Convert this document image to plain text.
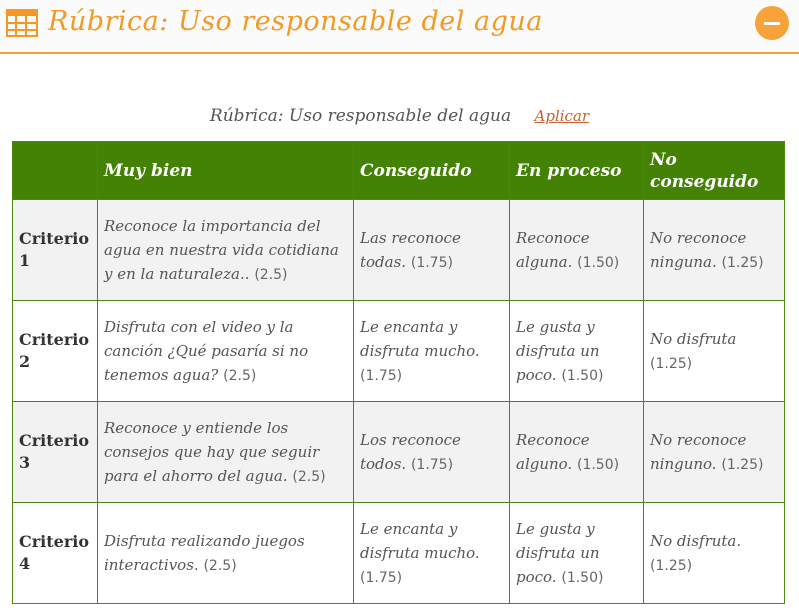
Rúbrica: Uso responsable del agua
Rúbrica: Uso responsable del agua Aplicar
	Muy bien	Conseguido	En proceso	No conseguido
Criterio 1	Reconoce la importancia del agua en nuestra vida cotidiana y en la naturaleza.. (2.5)	Las reconoce todas. (1.75)	Reconoce alguna. (1.50)	No reconoce ninguna. (1.25)
Criterio 2	Disfruta con el video y la canción ¿Qué pasaría si no tenemos agua? (2.5)	Le encanta y disfruta mucho. (1.75)	Le gusta y disfruta un poco. (1.50)	No disfruta (1.25)
Criterio 3	Reconoce y entiende los consejos que hay que seguir para el ahorro del agua. (2.5)	Los reconoce todos. (1.75)	Reconoce alguno. (1.50)	No reconoce ninguno. (1.25)
Criterio 4	Disfruta realizando juegos interactivos. (2.5)	Le encanta y disfruta mucho. (1.75)	Le gusta y disfruta un poco. (1.50)	No disfruta. (1.25)
